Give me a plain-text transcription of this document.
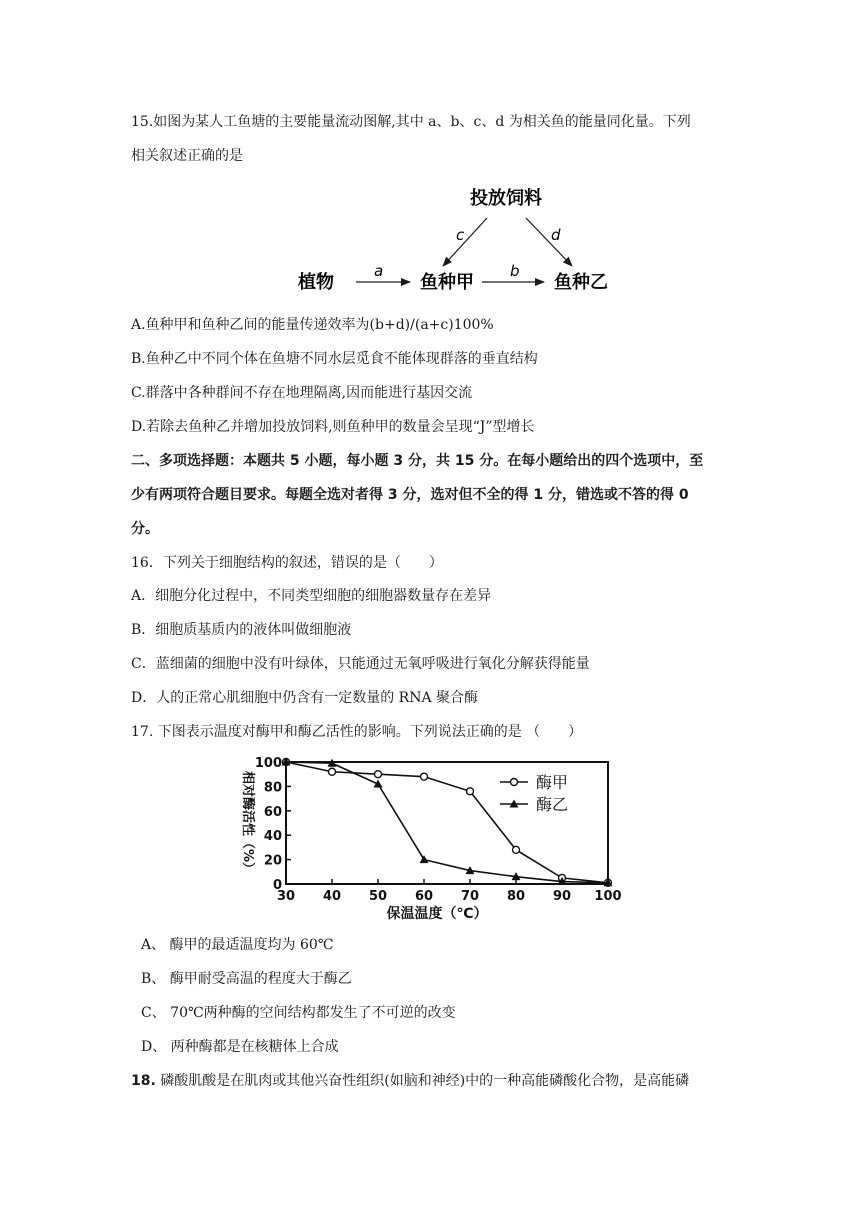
15.如图为某人工鱼塘的主要能量流动图解,其中 a、b、c、d 为相关鱼的能量同化量。下列
相关叙述正确的是
投放饲料
植物	鱼种甲	鱼种乙
a	b
c	d
A.鱼种甲和鱼种乙间的能量传递效率为(b+d)/(a+c)100%
B.鱼种乙中不同个体在鱼塘不同水层觅食不能体现群落的垂直结构
C.群落中各种群间不存在地理隔离,因而能进行基因交流
D.若除去鱼种乙并增加投放饲料,则鱼种甲的数量会呈现“J”型增长
二、多项选择题：本题共 5 小题，每小题 3 分，共 15 分。在每小题给出的四个选项中，至
少有两项符合题目要求。每题全选对者得 3 分，选对但不全的得 1 分，错选或不答的得 0
分。
16．下列关于细胞结构的叙述，错误的是（　　）
A．细胞分化过程中，不同类型细胞的细胞器数量存在差异
B．细胞质基质内的液体叫做细胞液
C．蓝细菌的细胞中没有叶绿体，只能通过无氧呼吸进行氧化分解获得能量
D．人的正常心肌细胞中仍含有一定数量的 RNA 聚合酶
17. 下图表示温度对酶甲和酶乙活性的影响。下列说法正确的是 （　　）
0
20
40
60
80
100
30 40 50 60 70 80 90 100
保温温度（℃）
相对酶活性（%）	酶甲
酶乙
A、 酶甲的最适温度均为 60℃
B、 酶甲耐受高温的程度大于酶乙
C、 70℃两种酶的空间结构都发生了不可逆的改变
D、 两种酶都是在核糖体上合成
18. 磷酸肌酸是在肌肉或其他兴奋性组织(如脑和神经)中的一种高能磷酸化合物，是高能磷
